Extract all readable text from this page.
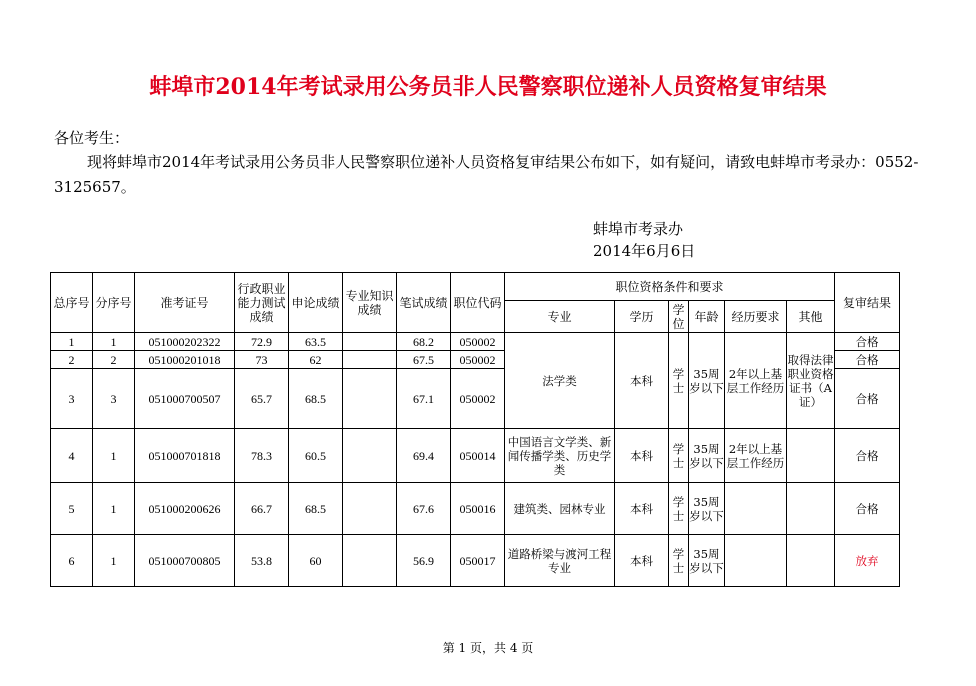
蚌埠市2014年考试录用公务员非人民警察职位递补人员资格复审结果
各位考生：
现将蚌埠市2014年考试录用公务员非人民警察职位递补人员资格复审结果公布如下，如有疑问，请致电蚌埠市考录办：0552-3125657。
蚌埠市考录办
2014年6月6日
总序号	分序号	准考证号	行政职业能力测试成绩	申论成绩	专业知识成绩	笔试成绩	职位代码	职位资格条件和要求						复审结果
								专业	学历	学位	年龄	经历要求	其他	
1	1	051000202322	72.9	63.5		68.2	050002	法学类	本科	学士	35周岁以下	2年以上基层工作经历	取得法律职业资格证书（A证）	合格
2	2	051000201018	73	62		67.5	050002							合格
3	3	051000700507	65.7	68.5		67.1	050002							合格
4	1	051000701818	78.3	60.5		69.4	050014	中国语言文学类、新闻传播学类、历史学类	本科	学士	35周岁以下	2年以上基层工作经历		合格
5	1	051000200626	66.7	68.5		67.6	050016	建筑类、园林专业	本科	学士	35周岁以下			合格
6	1	051000700805	53.8	60		56.9	050017	道路桥梁与渡河工程专业	本科	学士	35周岁以下			放弃
第 1 页，共 4 页
